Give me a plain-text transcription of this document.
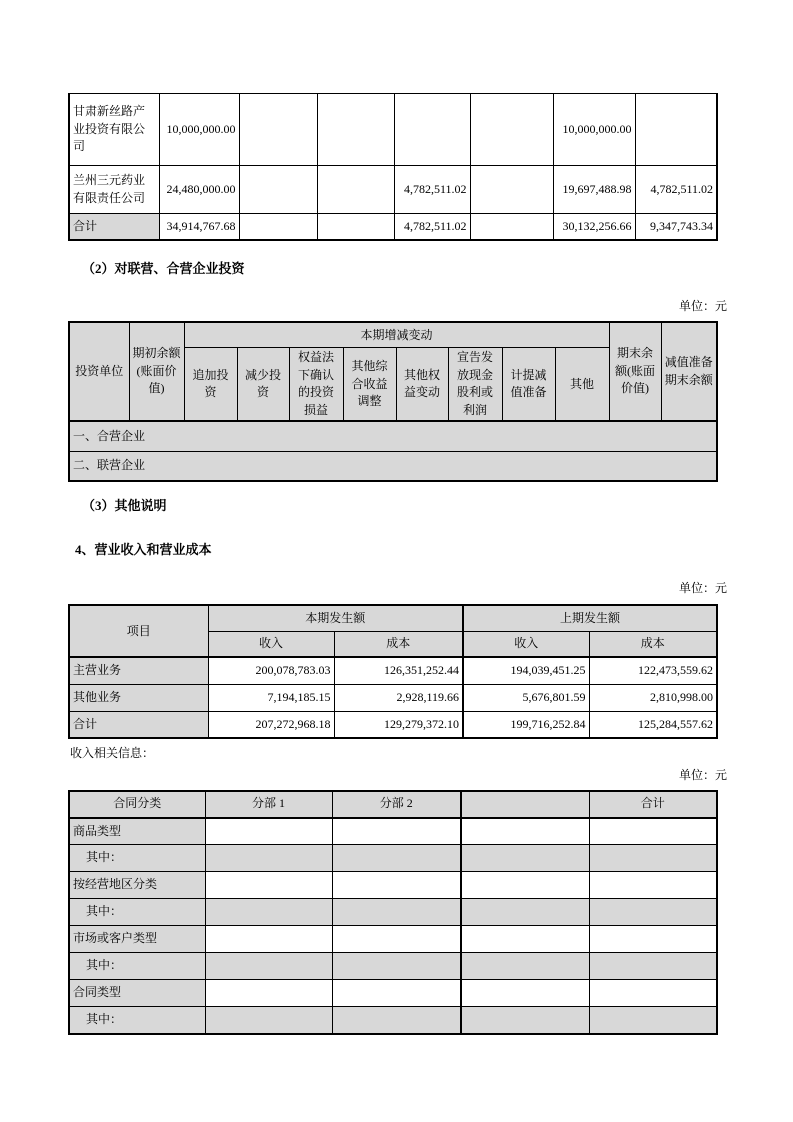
甘肃新丝路产业投资有限公司	10,000,000.00					10,000,000.00	
兰州三元药业有限责任公司	24,480,000.00			4,782,511.02		19,697,488.98	4,782,511.02
合计	34,914,767.68			4,782,511.02		30,132,256.66	9,347,743.34
（2）对联营、合营企业投资
单位：元
投资单位	期初余额(账面价值)	本期增减变动								期末余额(账面价值)	减值准备期末余额
		追加投资	减少投资	权益法下确认的投资损益	其他综合收益调整	其他权益变动	宣告发放现金股利或利润	计提减值准备	其他		
一、合营企业											
二、联营企业											
（3）其他说明
4、营业收入和营业成本
单位：元
项目	本期发生额		上期发生额	
	收入	成本	收入	成本
主营业务	200,078,783.03	126,351,252.44	194,039,451.25	122,473,559.62
其他业务	7,194,185.15	2,928,119.66	5,676,801.59	2,810,998.00
合计	207,272,968.18	129,279,372.10	199,716,252.84	125,284,557.62
收入相关信息：
单位：元
合同分类	分部 1	分部 2		合计
商品类型				
其中：				
按经营地区分类				
其中：				
市场或客户类型				
其中：				
合同类型				
其中：				
